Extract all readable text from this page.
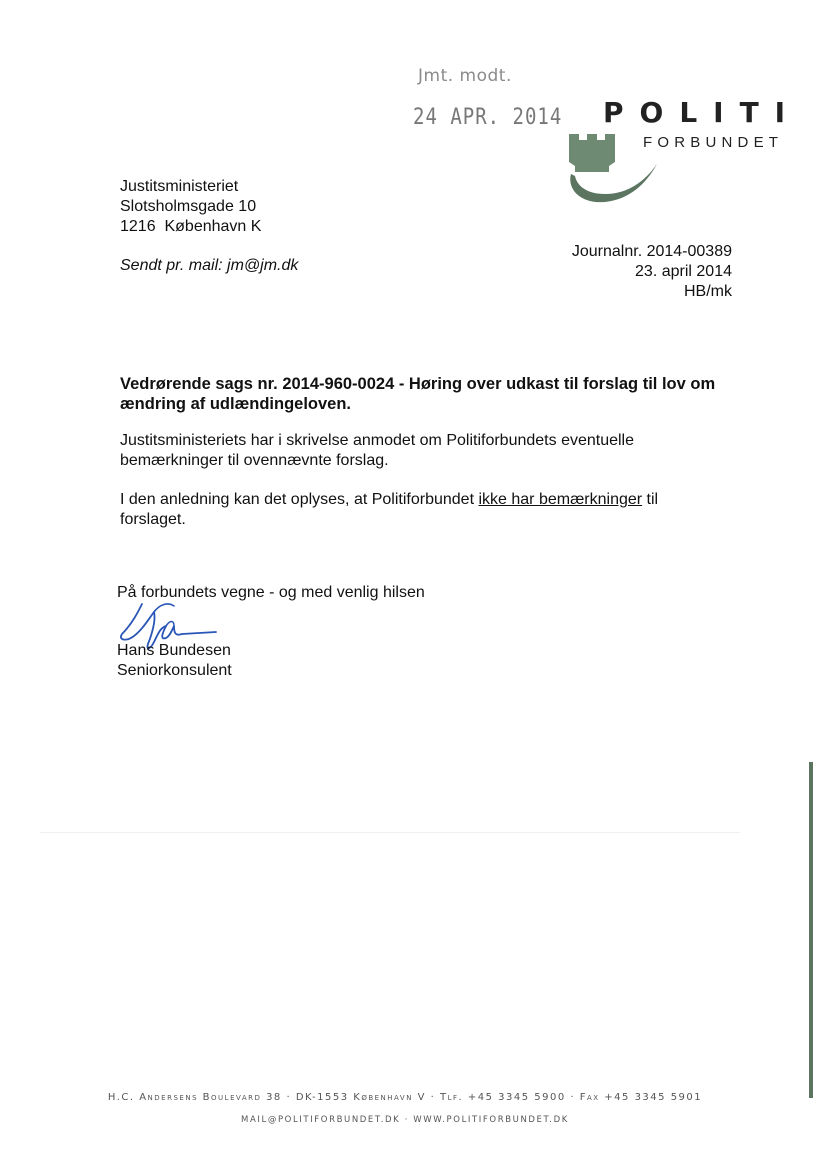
Jmt. modt.
24 APR. 2014 POLITI
FORBUNDET
Justitsministeriet
Slotsholmsgade 10
1216  København K
Sendt pr. mail: jm@jm.dk
Journalnr. 2014-00389
23. april 2014
HB/mk
Vedrørende sags nr. 2014-960-0024 - Høring over udkast til forslag til lov om ændring af udlændingeloven.
Justitsministeriets har i skrivelse anmodet om Politiforbundets eventuelle bemærkninger til ovennævnte forslag.
I den anledning kan det oplyses, at Politiforbundet ikke har bemærkninger til forslaget.
På forbundets vegne - og med venlig hilsen
Hans Bundesen
Seniorkonsulent
H.C. Andersens Boulevard 38 · DK-1553 København V · Tlf. +45 3345 5900 · Fax +45 3345 5901
MAIL@POLITIFORBUNDET.DK · WWW.POLITIFORBUNDET.DK
